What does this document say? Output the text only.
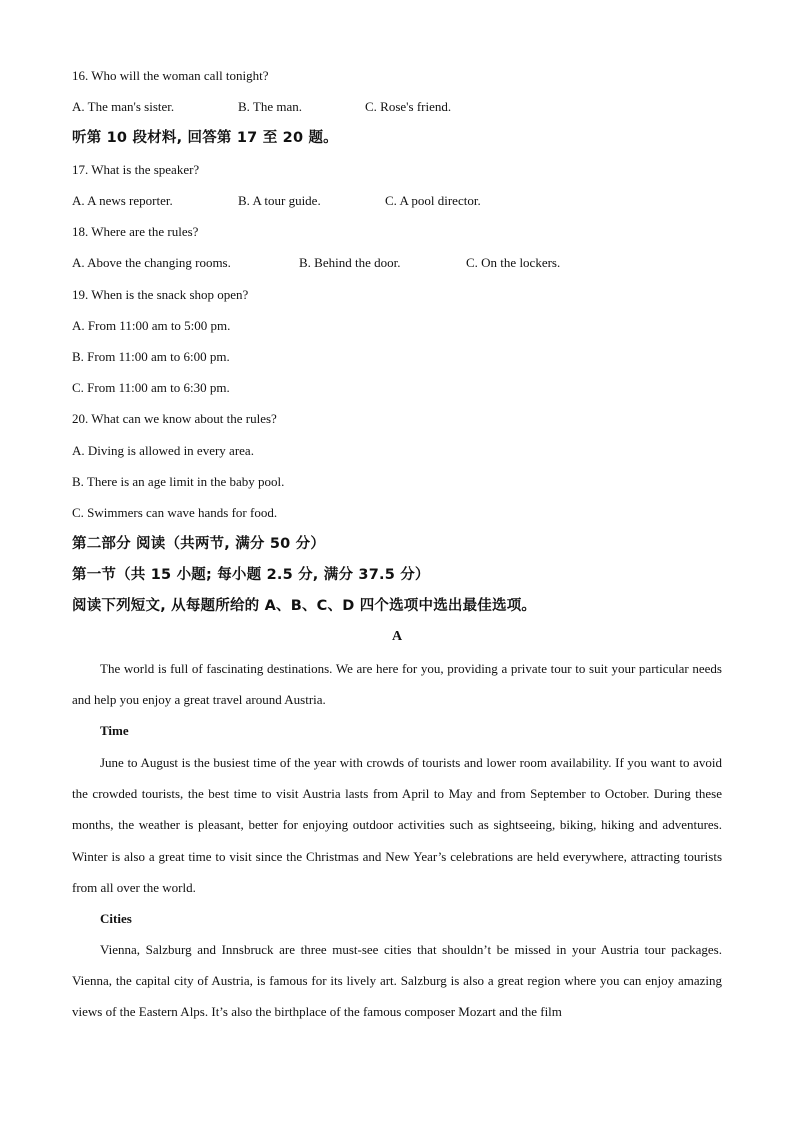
16. Who will the woman call tonight?
A. The man's sister.	B. The man.	C. Rose's friend.
听第 10 段材料, 回答第 17 至 20 题。
17. What is the speaker?
A. A news reporter.	B. A tour guide.	C. A pool director.
18. Where are the rules?
A. Above the changing rooms.	B. Behind the door.	C. On the lockers.
19. When is the snack shop open?
A. From 11:00 am to 5:00 pm.
B. From 11:00 am to 6:00 pm.
C. From 11:00 am to 6:30 pm.
20. What can we know about the rules?
A. Diving is allowed in every area.
B. There is an age limit in the baby pool.
C. Swimmers can wave hands for food.
第二部分 阅读（共两节, 满分 50 分）
第一节（共 15 小题; 每小题 2.5 分, 满分 37.5 分）
阅读下列短文, 从每题所给的 A、B、C、D 四个选项中选出最佳选项。
A
The world is full of fascinating destinations. We are here for you, providing a private tour to suit your particular needs and help you enjoy a great travel around Austria.
Time
June to August is the busiest time of the year with crowds of tourists and lower room availability. If you want to avoid the crowded tourists, the best time to visit Austria lasts from April to May and from September to October. During these months, the weather is pleasant, better for enjoying outdoor activities such as sightseeing, biking, hiking and adventures. Winter is also a great time to visit since the Christmas and New Year’s celebrations are held everywhere, attracting tourists from all over the world.
Cities
Vienna, Salzburg and Innsbruck are three must-see cities that shouldn’t be missed in your Austria tour packages. Vienna, the capital city of Austria, is famous for its lively art. Salzburg is also a great region where you can enjoy amazing views of the Eastern Alps. It’s also the birthplace of the famous composer Mozart and the film
